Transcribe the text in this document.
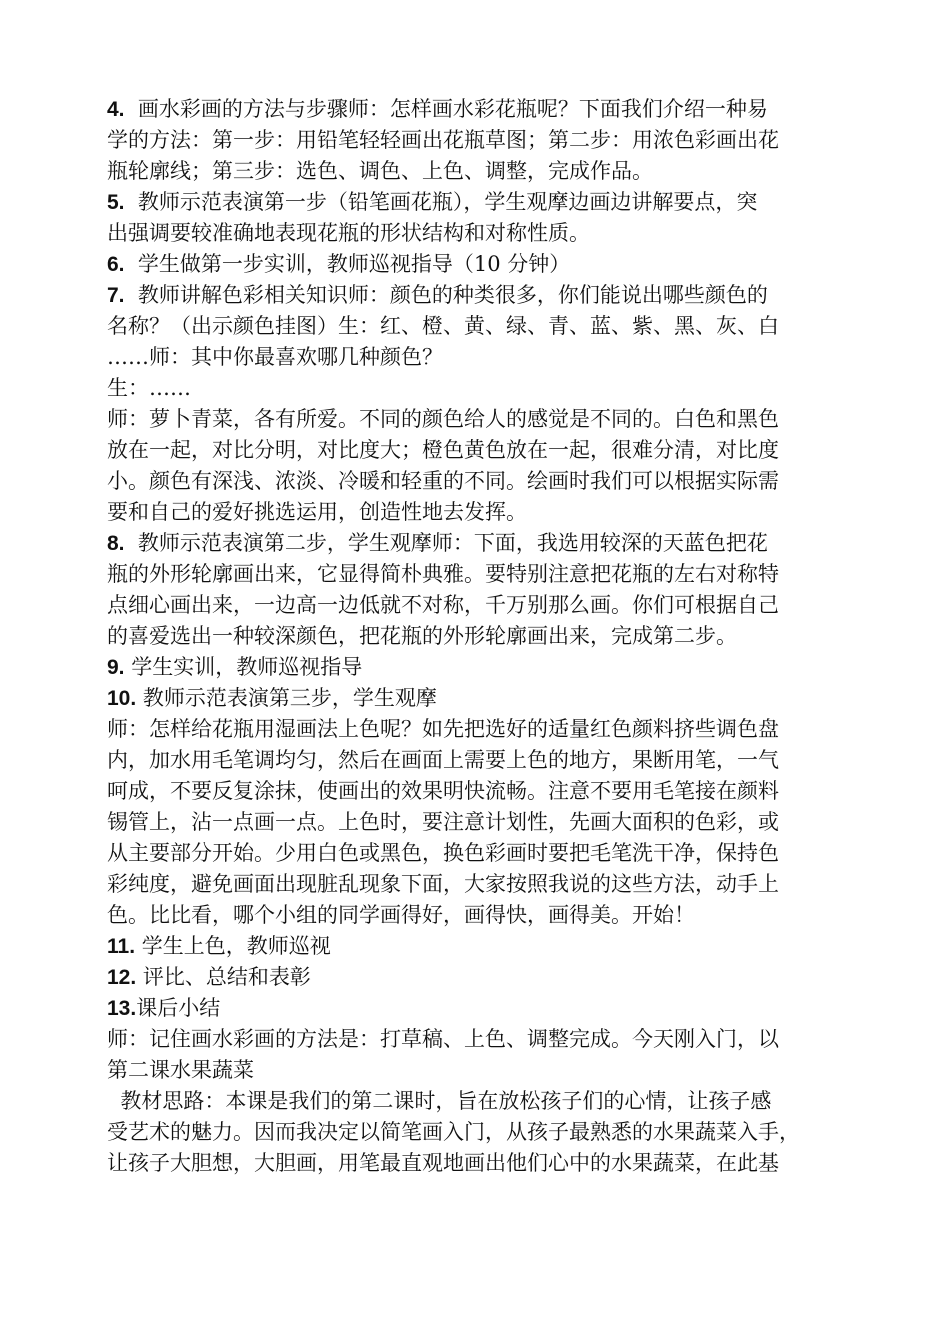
4.  画水彩画的方法与步骤师：怎样画水彩花瓶呢？下面我们介绍一种易
学的方法：第一步：用铅笔轻轻画出花瓶草图；第二步：用浓色彩画出花
瓶轮廓线；第三步：选色、调色、上色、调整，完成作品。
5.  教师示范表演第一步（铅笔画花瓶），学生观摩边画边讲解要点，突
出强调要较准确地表现花瓶的形状结构和对称性质。
6.  学生做第一步实训，教师巡视指导（10 分钟）
7.  教师讲解色彩相关知识师：颜色的种类很多，你们能说出哪些颜色的
名称？（出示颜色挂图）生：红、橙、黄、绿、青、蓝、紫、黑、灰、白
……师：其中你最喜欢哪几种颜色？
生：……
师：萝卜青菜，各有所爱。不同的颜色给人的感觉是不同的。白色和黑色
放在一起，对比分明，对比度大；橙色黄色放在一起，很难分清，对比度
小。颜色有深浅、浓淡、冷暖和轻重的不同。绘画时我们可以根据实际需
要和自己的爱好挑选运用，创造性地去发挥。
8.  教师示范表演第二步，学生观摩师：下面，我选用较深的天蓝色把花
瓶的外形轮廓画出来，它显得简朴典雅。要特别注意把花瓶的左右对称特
点细心画出来，一边高一边低就不对称，千万别那么画。你们可根据自己
的喜爱选出一种较深颜色，把花瓶的外形轮廓画出来，完成第二步。
9. 学生实训，教师巡视指导
10. 教师示范表演第三步，学生观摩
师：怎样给花瓶用湿画法上色呢？如先把选好的适量红色颜料挤些调色盘
内，加水用毛笔调均匀，然后在画面上需要上色的地方，果断用笔，一气
呵成，不要反复涂抹，使画出的效果明快流畅。注意不要用毛笔接在颜料
锡管上，沾一点画一点。上色时，要注意计划性，先画大面积的色彩，或
从主要部分开始。少用白色或黑色，换色彩画时要把毛笔洗干净，保持色
彩纯度，避免画面出现脏乱现象下面，大家按照我说的这些方法，动手上
色。比比看，哪个小组的同学画得好，画得快，画得美。开始！
11. 学生上色，教师巡视
12. 评比、总结和表彰
13.课后小结
师：记住画水彩画的方法是：打草稿、上色、调整完成。今天刚入门，以
第二课水果蔬菜
教材思路：本课是我们的第二课时，旨在放松孩子们的心情，让孩子感
受艺术的魅力。因而我决定以简笔画入门，从孩子最熟悉的水果蔬菜入手，
让孩子大胆想，大胆画，用笔最直观地画出他们心中的水果蔬菜，在此基
